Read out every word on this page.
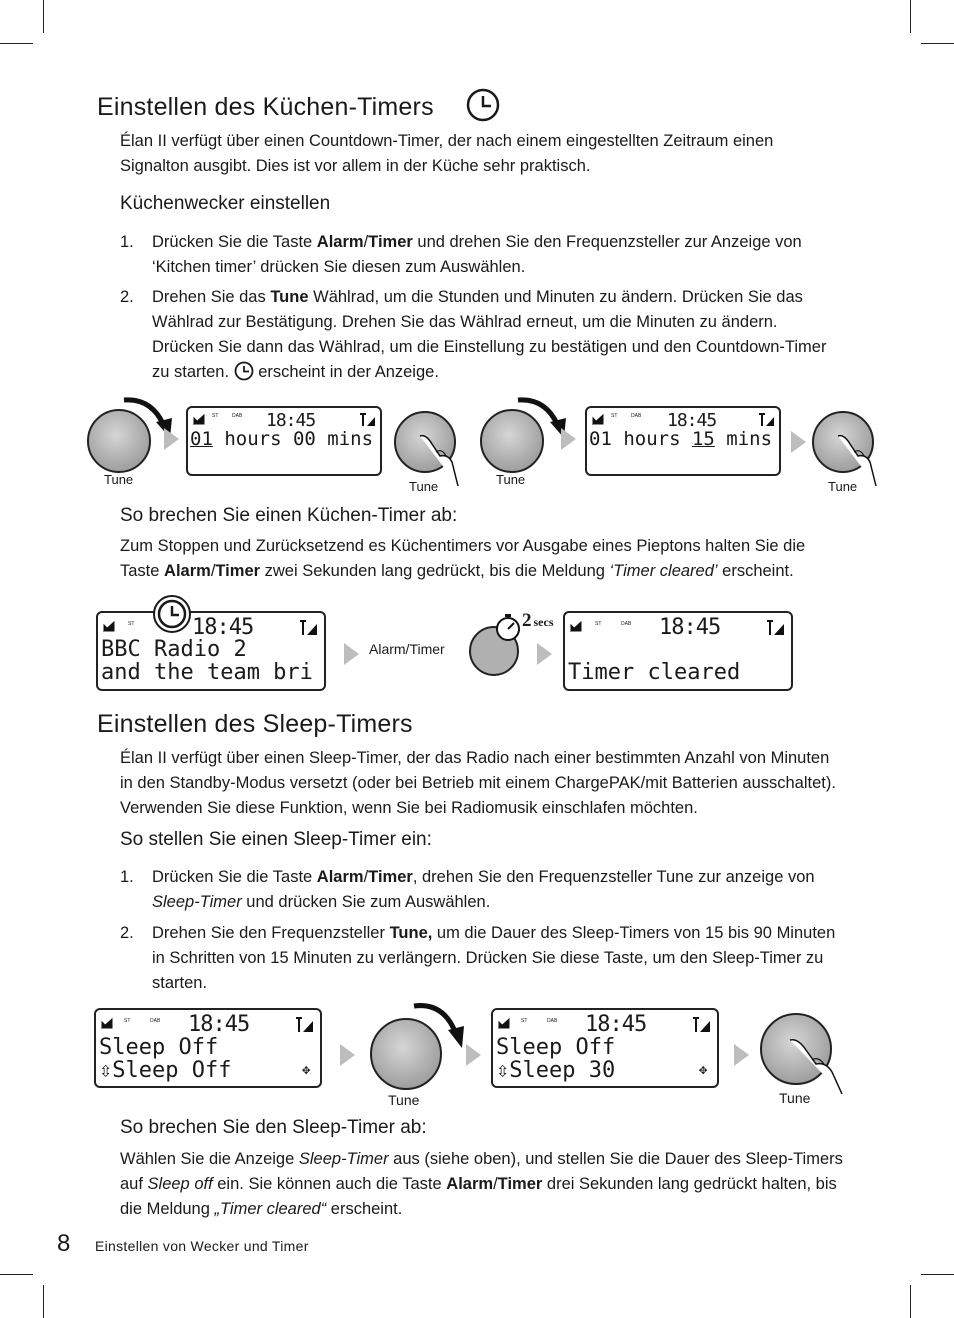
Einstellen des Küchen-Timers
Élan II verfügt über einen Countdown-Timer, der nach einem eingestellten Zeitraum einen
Signalton ausgibt. Dies ist vor allem in der Küche sehr praktisch.
Küchenwecker einstellen
1. Drücken Sie die Taste Alarm/Timer und drehen Sie den Frequenzsteller zur Anzeige von
‘Kitchen timer’ drücken Sie diesen zum Auswählen.
2. Drehen Sie das Tune Wählrad, um die Stunden und Minuten zu ändern. Drücken Sie das
Wählrad zur Bestätigung. Drehen Sie das Wählrad erneut, um die Minuten zu ändern.
Drücken Sie dann das Wählrad, um die Einstellung zu bestätigen und den Countdown-Timer
zu starten.  erscheint in der Anzeige.
Tune
ST	DAB 18:45
01 hours 00 mins
Tune	Tune
ST	DAB 18:45
01 hours 15 mins
Tune
So brechen Sie einen Küchen-Timer ab:
Zum Stoppen und Zurücksetzend es Küchentimers vor Ausgabe eines Pieptons halten Sie die
Taste Alarm/Timer zwei Sekunden lang gedrückt, bis die Meldung ‘Timer cleared’ erscheint.
ST	18:45
BBC Radio 2
and the team bri
Alarm/Timer
2 secs	ST	DAB 18:45
Timer cleared
Einstellen des Sleep-Timers
Élan II verfügt über einen Sleep-Timer, der das Radio nach einer bestimmten Anzahl von Minuten
in den Standby-Modus versetzt (oder bei Betrieb mit einem ChargePAK/mit Batterien ausschaltet).
Verwenden Sie diese Funktion, wenn Sie bei Radiomusik einschlafen möchten.
So stellen Sie einen Sleep-Timer ein:
1. Drücken Sie die Taste Alarm/Timer, drehen Sie den Frequenzsteller Tune zur anzeige von
Sleep-Timer und drücken Sie zum Auswählen.
2. Drehen Sie den Frequenzsteller Tune, um die Dauer des Sleep-Timers von 15 bis 90 Minuten
in Schritten von 15 Minuten zu verlängern. Drücken Sie diese Taste, um den Sleep-Timer zu
starten.
ST	DAB 18:45
Sleep Off
⇳Sleep Off	✥
Tune
ST	DAB 18:45
Sleep Off
⇳Sleep 30	✥
Tune
So brechen Sie den Sleep-Timer ab:
Wählen Sie die Anzeige Sleep-Timer aus (siehe oben), und stellen Sie die Dauer des Sleep-Timers
auf Sleep off ein. Sie können auch die Taste Alarm/Timer drei Sekunden lang gedrückt halten, bis
die Meldung „Timer cleared“ erscheint.
8 Einstellen von Wecker und Timer
